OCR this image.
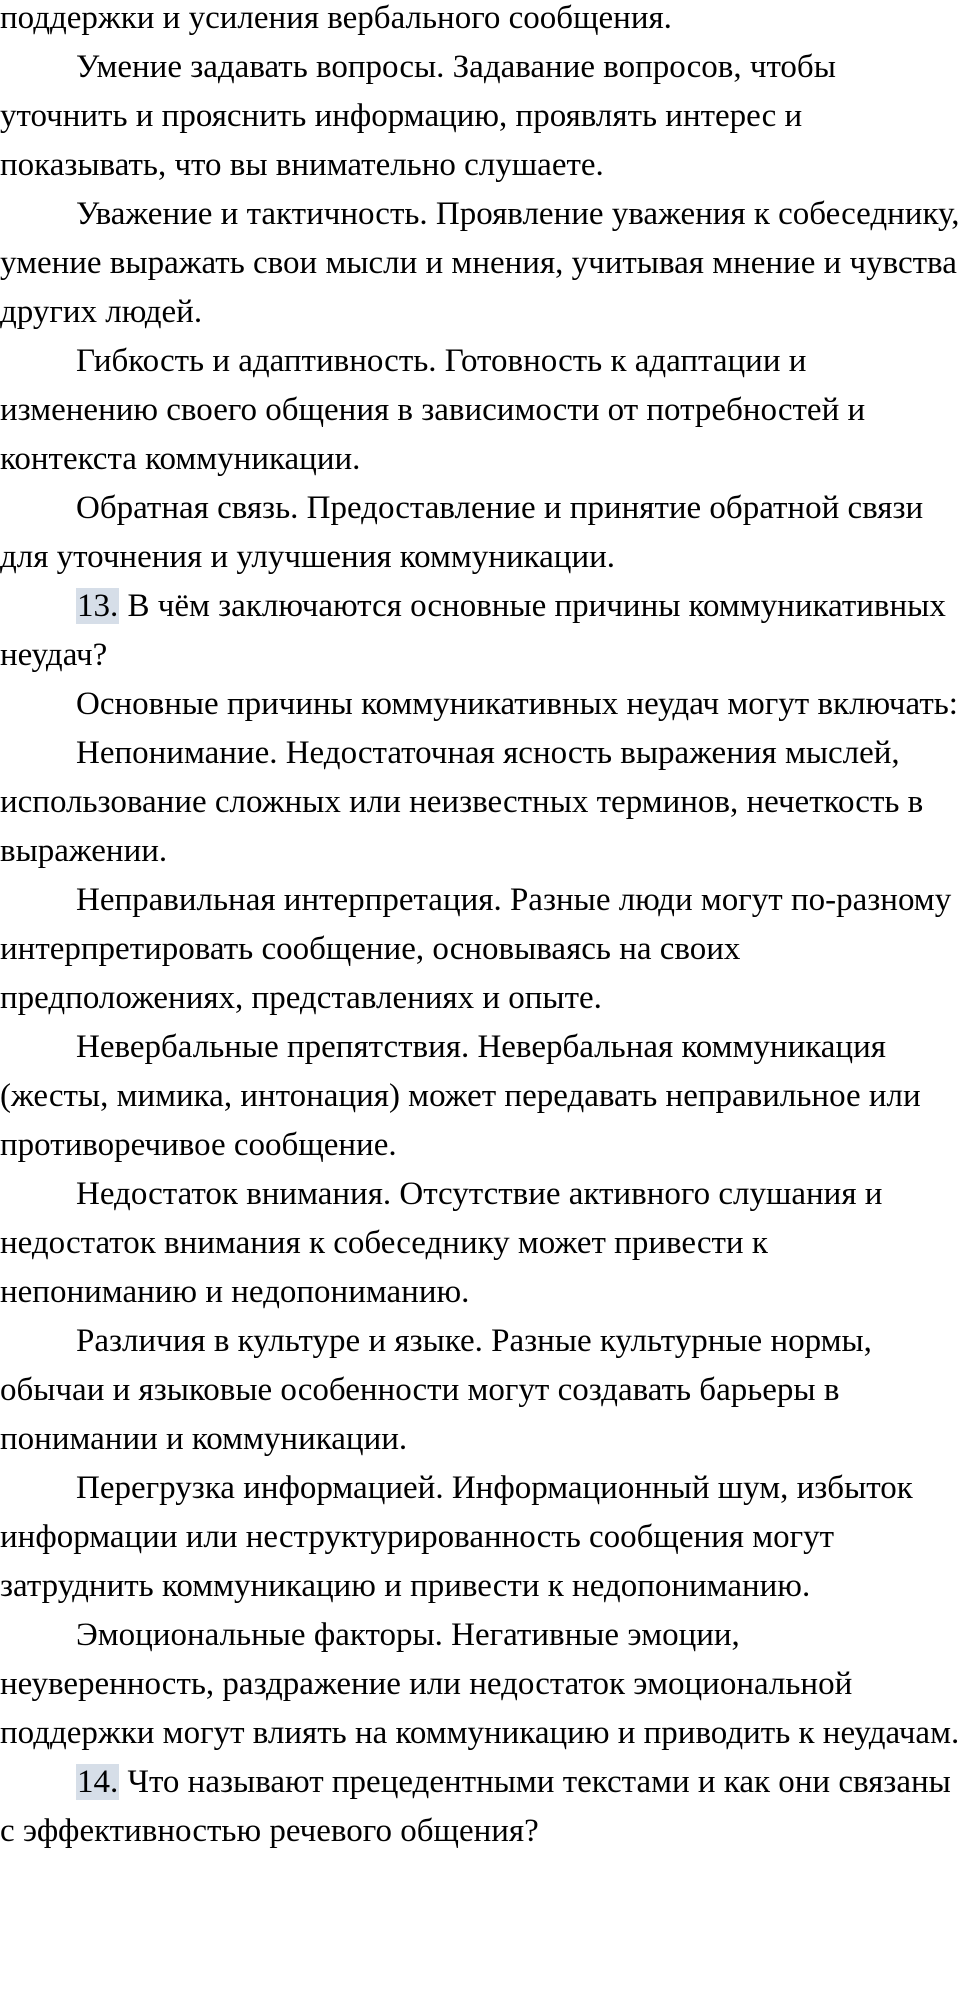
поддержки и усиления вербального сообщения.

Умение задавать вопросы. Задавание вопросов, чтобы уточнить и прояснить информацию, проявлять интерес и показывать, что вы внимательно слушаете.

Уважение и тактичность. Проявление уважения к собеседнику, умение выражать свои мысли и мнения, учитывая мнение и чувства других людей.

Гибкость и адаптивность. Готовность к адаптации и изменению своего общения в зависимости от потребностей и контекста коммуникации.

Обратная связь. Предоставление и принятие обратной связи для уточнения и улучшения коммуникации.

13. В чём заключаются основные причины коммуникативных неудач?

Основные причины коммуникативных неудач могут включать:

Непонимание. Недостаточная ясность выражения мыслей, использование сложных или неизвестных терминов, нечеткость в выражении.

Неправильная интерпретация. Разные люди могут по-разному интерпретировать сообщение, основываясь на своих предположениях, представлениях и опыте.

Невербальные препятствия. Невербальная коммуникация (жесты, мимика, интонация) может передавать неправильное или противоречивое сообщение.

Недостаток внимания. Отсутствие активного слушания и недостаток внимания к собеседнику может привести к непониманию и недопониманию.

Различия в культуре и языке. Разные культурные нормы, обычаи и языковые особенности могут создавать барьеры в понимании и коммуникации.

Перегрузка информацией. Информационный шум, избыток информации или неструктурированность сообщения могут затруднить коммуникацию и привести к недопониманию.

Эмоциональные факторы. Негативные эмоции, неуверенность, раздражение или недостаток эмоциональной поддержки могут влиять на коммуникацию и приводить к неудачам.

14. Что называют прецедентными текстами и как они связаны с эффективностью речевого общения?
